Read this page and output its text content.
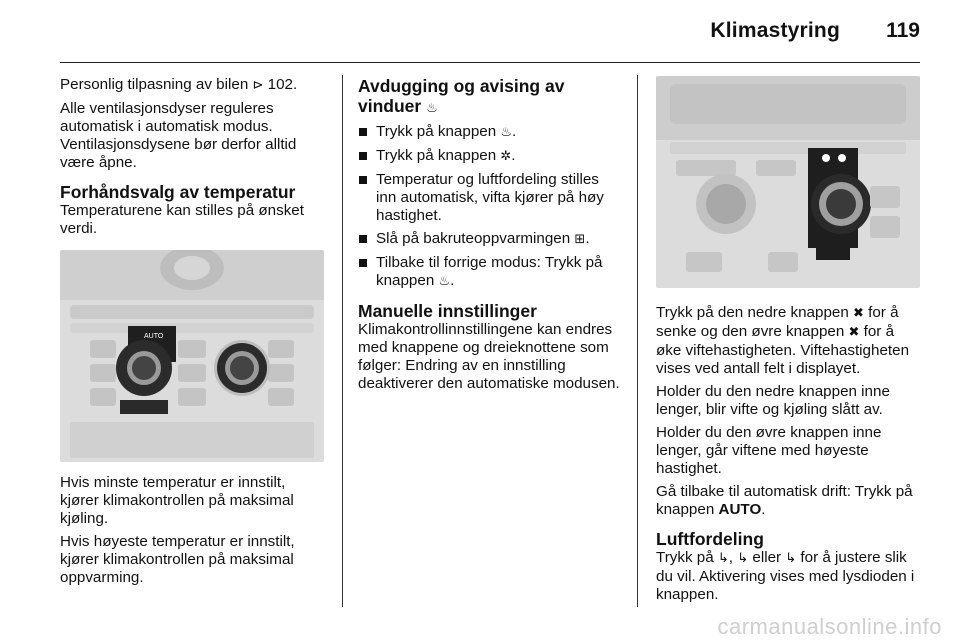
Klimastyring 119

Personlig tilpasning av bilen ⊳ 102.

Alle ventilasjonsdyser reguleres automatisk i automatisk modus. Ventilasjonsdysene bør derfor alltid være åpne.

Forhåndsvalg av temperatur

Temperaturene kan stilles på ønsket verdi.

AUTO

Hvis minste temperatur er innstilt, kjører klimakontrollen på maksimal kjøling.

Hvis høyeste temperatur er innstilt, kjører klimakontrollen på maksimal oppvarming.

Avdugging og avising av
vinduer ♨
Trykk på knappen ♨.
Trykk på knappen ✲.
Temperatur og luftfordeling stilles inn automatisk, vifta kjører på høy hastighet.
Slå på bakruteoppvarmingen ⊞.
Tilbake til forrige modus: Trykk på knappen ♨.
Manuelle innstillinger

Klimakontrollinnstillingene kan endres med knappene og dreieknottene som følger: Endring av en innstilling deaktiverer den automatiske modusen.

Trykk på den nedre knappen ✖ for å senke og den øvre knappen ✖ for å øke viftehastigheten. Viftehastigheten vises ved antall felt i displayet.

Holder du den nedre knappen inne lenger, blir vifte og kjøling slått av.

Holder du den øvre knappen inne lenger, går viftene med høyeste hastighet.

Gå tilbake til automatisk drift: Trykk på knappen AUTO.

Luftfordeling

Trykk på ↳, ↳ eller ↳ for å justere slik du vil. Aktivering vises med lysdioden i knappen.

carmanualsonline.info
